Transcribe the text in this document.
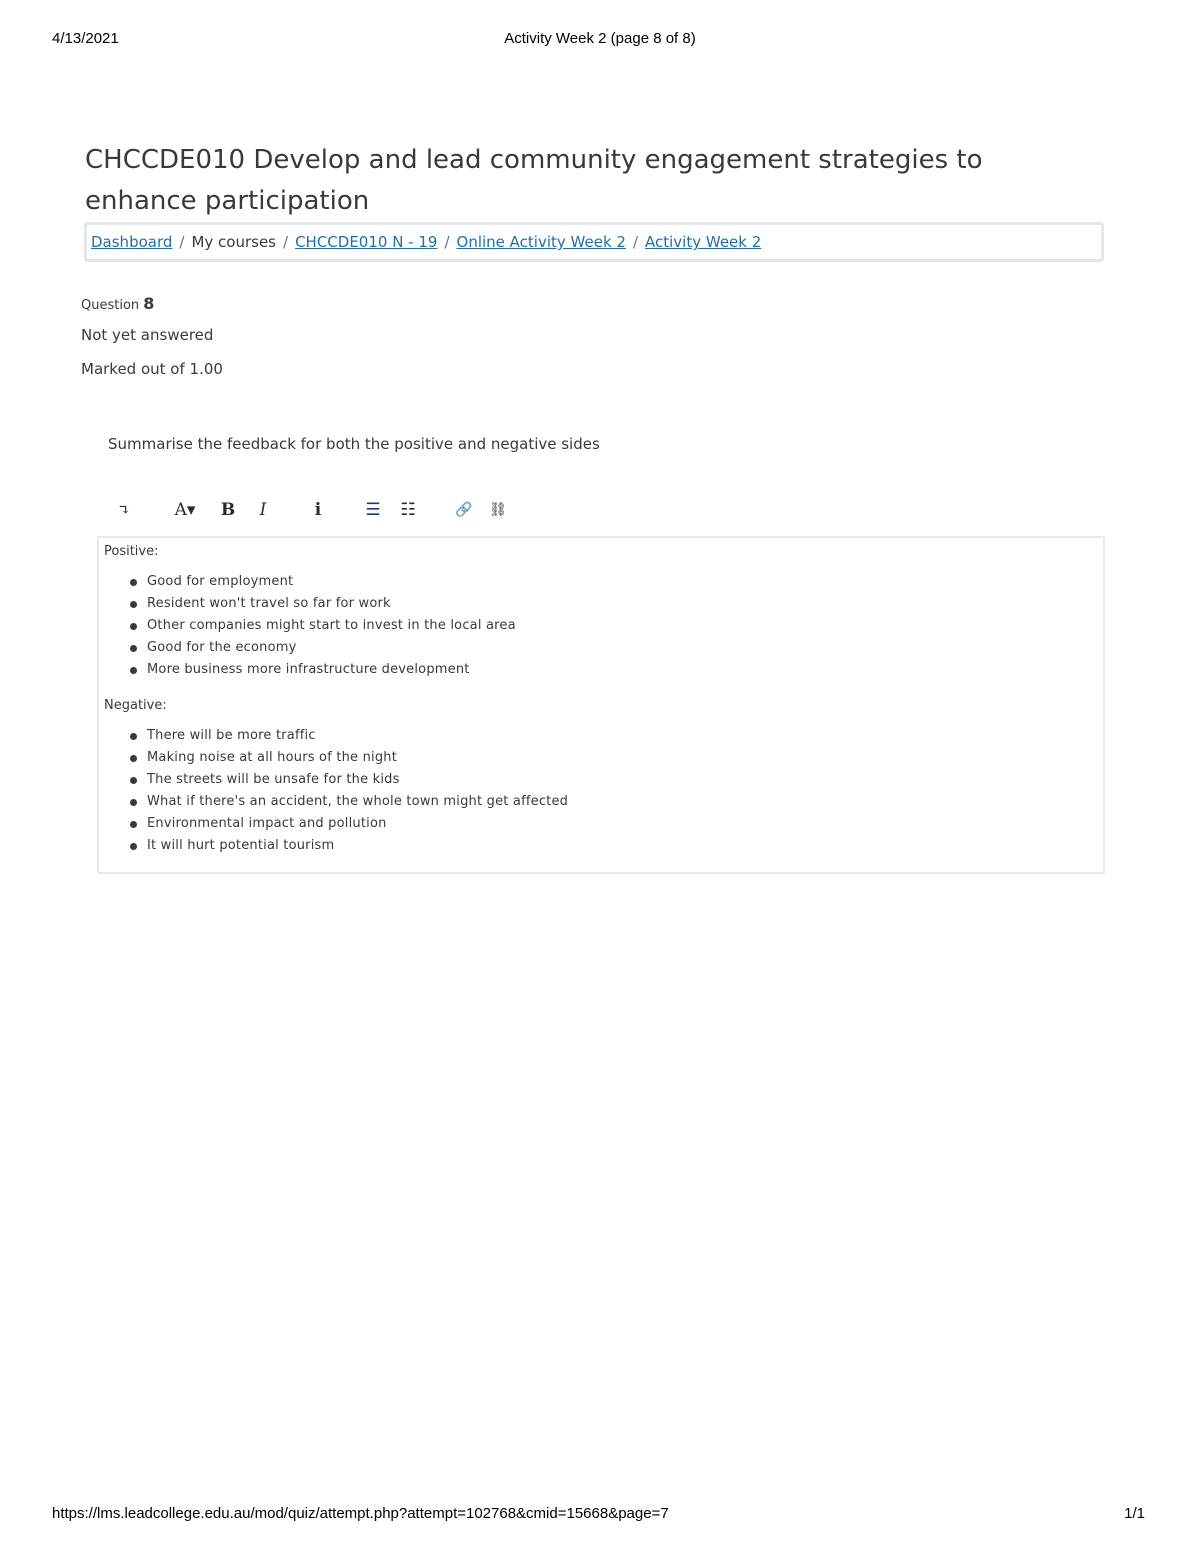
4/13/2021	Activity Week 2 (page 8 of 8)
CHCCDE010 Develop and lead community engagement strategies to enhance participation
Dashboard / My courses / CHCCDE010 N - 19 / Online Activity Week 2 / Activity Week 2
Question 8
Not yet answered
Marked out of 1.00
Summarise the feedback for both the positive and negative sides
↴	A▾ B I	i	☰ ☷	🔗 ⛓
Positive:
Good for employment
Resident won't travel so far for work
Other companies might start to invest in the local area
Good for the economy
More business more infrastructure development
Negative:
There will be more traffic
Making noise at all hours of the night
The streets will be unsafe for the kids
What if there's an accident, the whole town might get affected
Environmental impact and pollution
It will hurt potential tourism
https://lms.leadcollege.edu.au/mod/quiz/attempt.php?attempt=102768&cmid=15668&page=7	1/1
